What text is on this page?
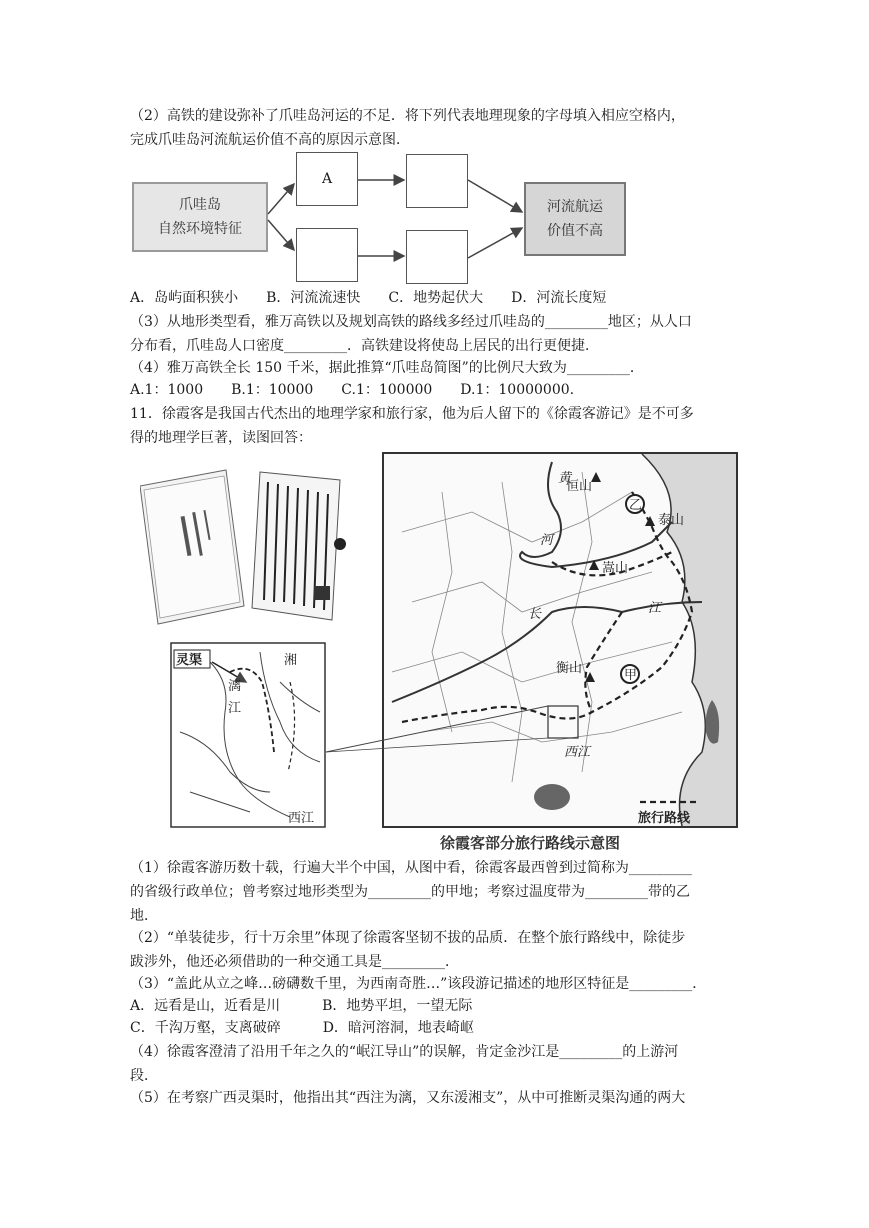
（2）高铁的建设弥补了爪哇岛河运的不足．将下列代表地理现象的字母填入相应空格内，
完成爪哇岛河流航运价值不高的原因示意图．
爪哇岛
自然环境特征
A
河流航运
价值不高
A．岛屿面积狭小　　B．河流流速快　　C．地势起伏大　　D．河流长度短
（3）从地形类型看，雅万高铁以及规划高铁的路线多经过爪哇岛的_________地区；从人口
分布看，爪哇岛人口密度_________．高铁建设将使岛上居民的出行更便捷．
（4）雅万高铁全长 150 千米，据此推算“爪哇岛简图”的比例尺大致为_________．
A.1：1000　　B.1：10000　　C.1：100000　　D.1：10000000.
11．徐霞客是我国古代杰出的地理学家和旅行家，他为后人留下的《徐霞客游记》是不可多
得的地理学巨著，读图回答：
黄
河
长	江
恒山
泰山
嵩山
衡山
西江
乙
甲
旅行路线
徐霞客部分旅行路线示意图
灵渠	湘
漓
江
西江
（1）徐霞客游历数十载，行遍大半个中国，从图中看，徐霞客最西曾到过简称为_________
的省级行政单位；曾考察过地形类型为_________的甲地；考察过温度带为_________带的乙
地．
（2）“单装徒步，行十万余里”体现了徐霞客坚韧不拔的品质．在整个旅行路线中，除徒步
跋涉外，他还必须借助的一种交通工具是_________．
（3）“盖此从立之峰…磅礴数千里，为西南奇胜…”该段游记描述的地形区特征是_________．
A．远看是山，近看是川　　　B．地势平坦，一望无际
C．千沟万壑，支离破碎　　　D．暗河溶洞，地表崎岖
（4）徐霞客澄清了沿用千年之久的“岷江导山”的误解，肯定金沙江是_________的上游河
段．
（5）在考察广西灵渠时，他指出其“西注为漓，又东湲湘支”，从中可推断灵渠沟通的两大
